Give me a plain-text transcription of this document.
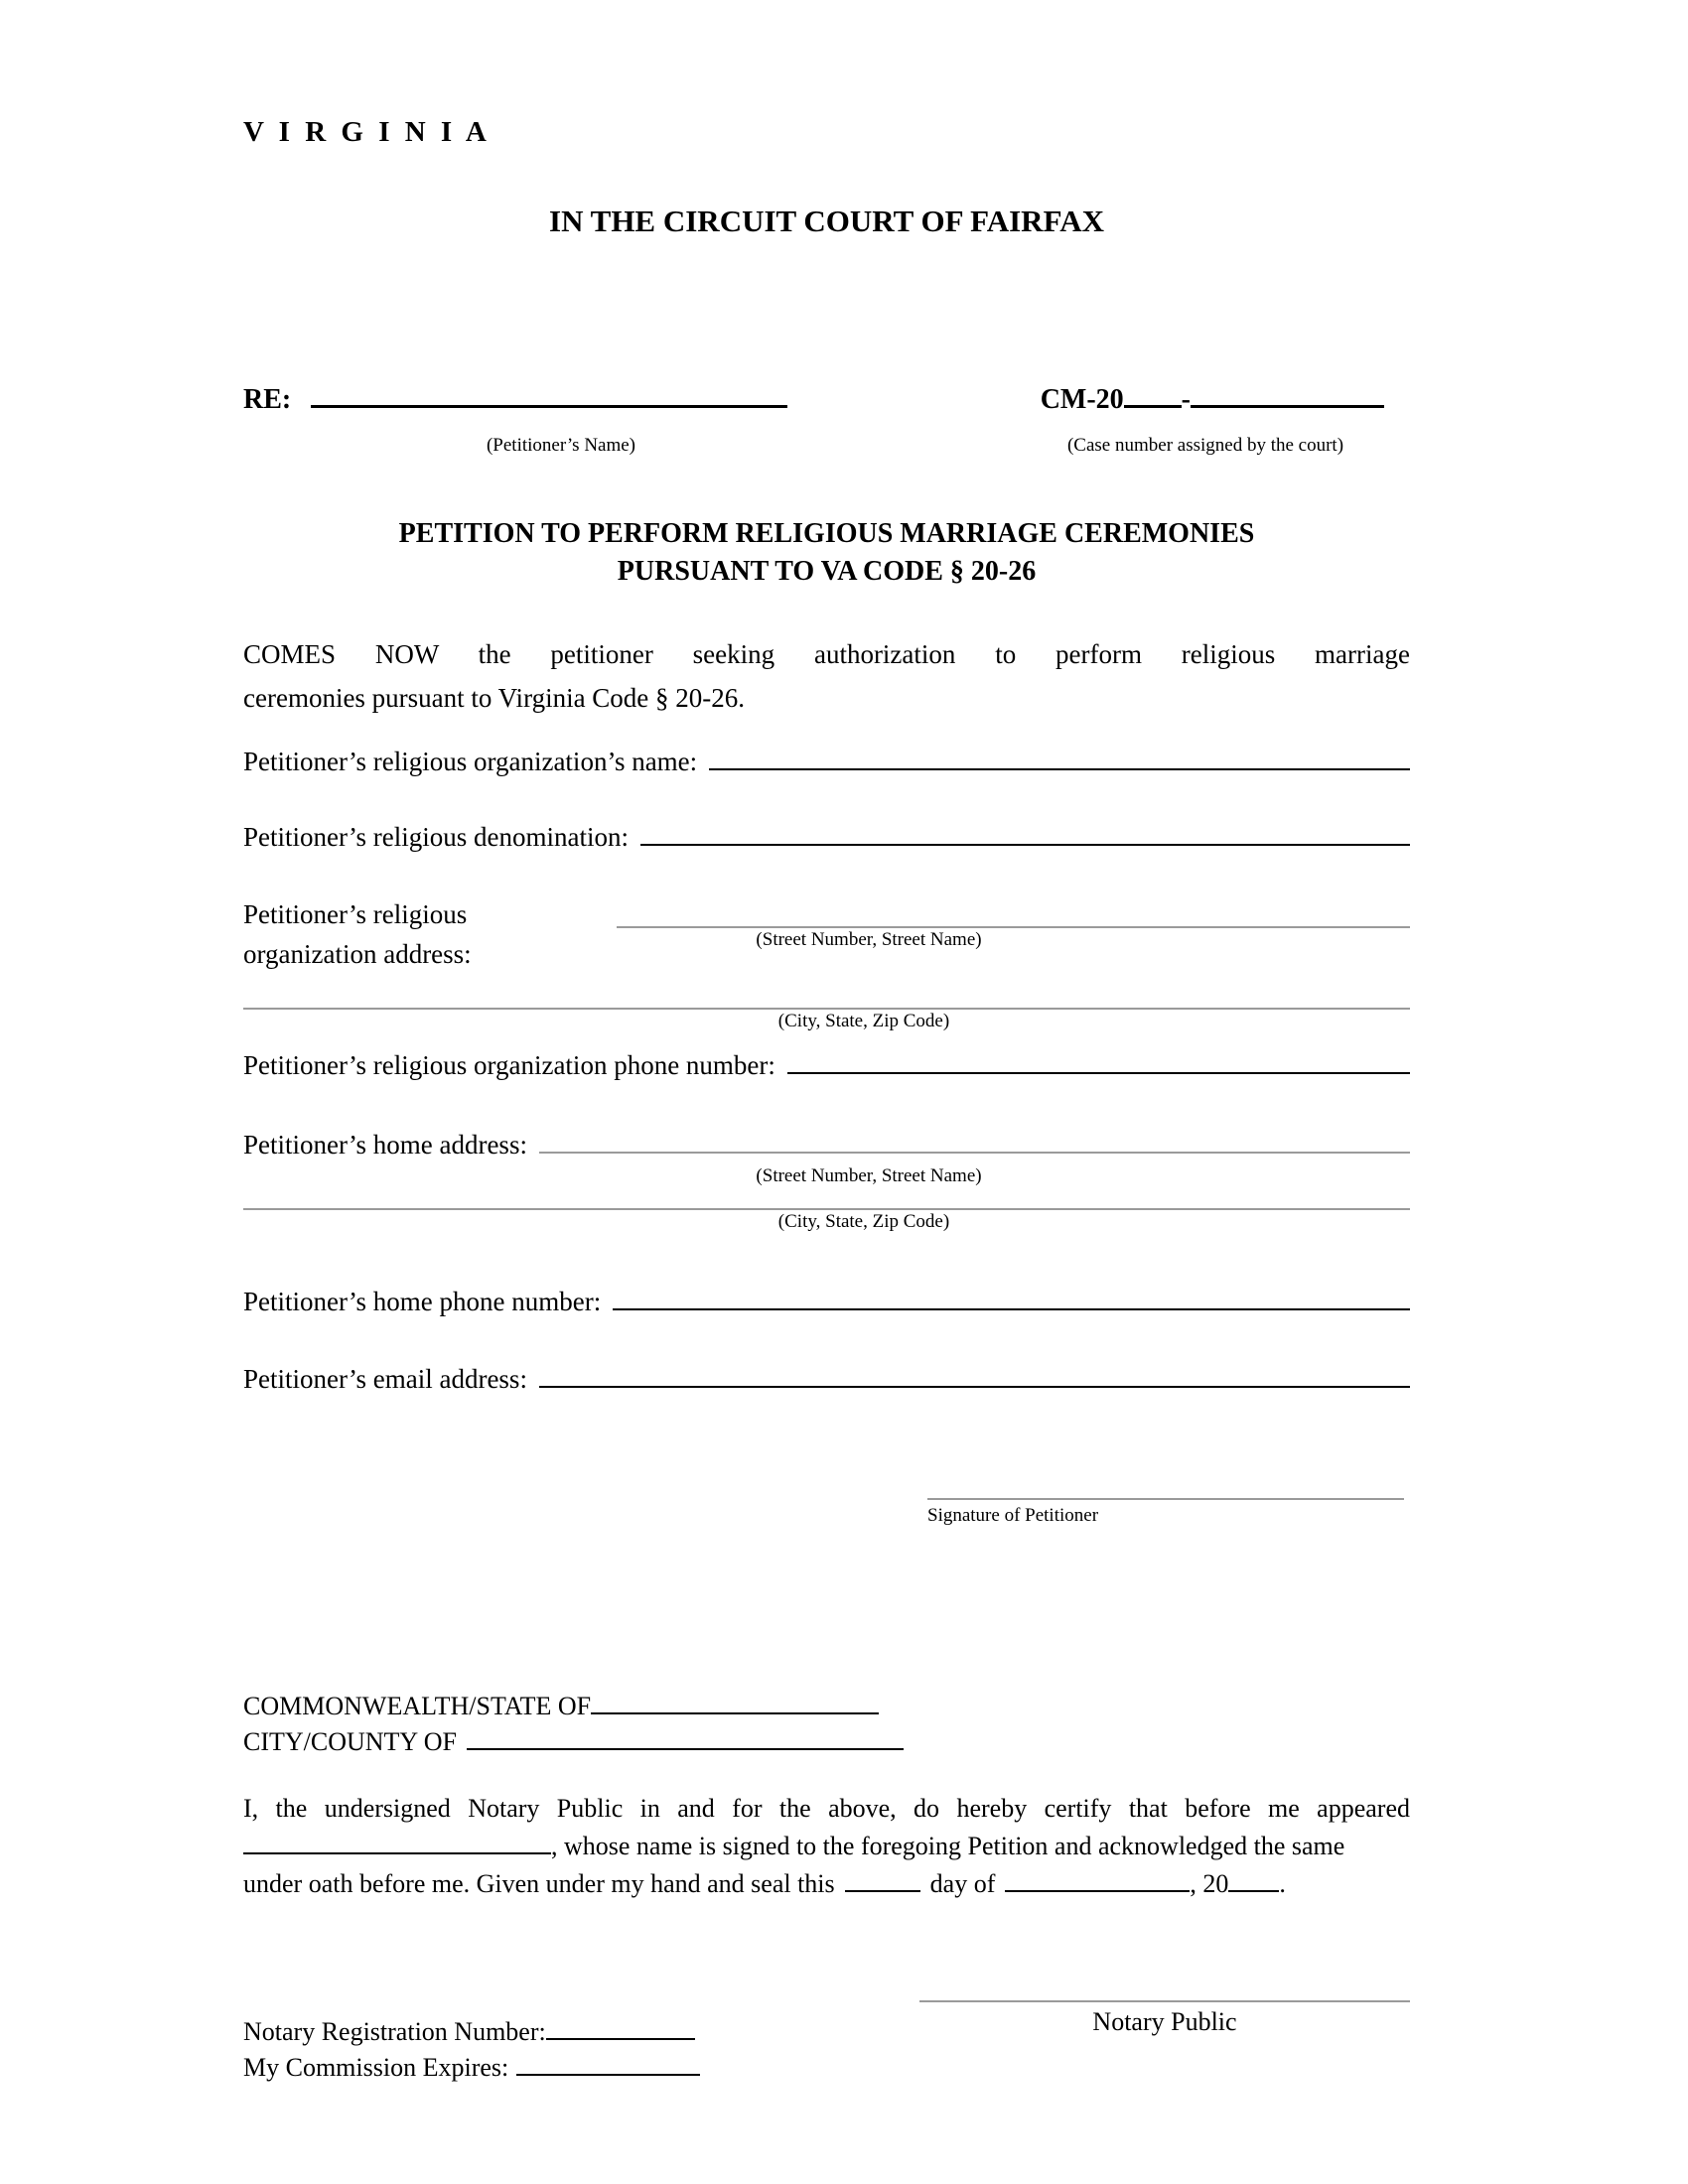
V I R G I N I A
IN THE CIRCUIT COURT OF FAIRFAX
RE:	CM-20 -
(Petitioner’s Name)	(Case number assigned by the court)
PETITION TO PERFORM RELIGIOUS MARRIAGE CEREMONIES
PURSUANT TO VA CODE § 20-26
COMES NOW the petitioner seeking authorization to perform religious marriage
ceremonies pursuant to Virginia Code § 20-26.
Petitioner’s religious organization’s name:
Petitioner’s religious denomination:
Petitioner’s religious
organization address:	(Street Number, Street Name)
(City, State, Zip Code)
Petitioner’s religious organization phone number:
Petitioner’s home address:
(Street Number, Street Name)
(City, State, Zip Code)
Petitioner’s home phone number:
Petitioner’s email address:
Signature of Petitioner
COMMONWEALTH/STATE OF
CITY/COUNTY OF
I, the undersigned Notary Public in and for the above, do hereby certify that before me appeared
, whose name is signed to the foregoing Petition and acknowledged the same
under oath before me. Given under my hand and seal this	day of	, 20 .
Notary Registration Number:
My Commission Expires:
Notary Public
